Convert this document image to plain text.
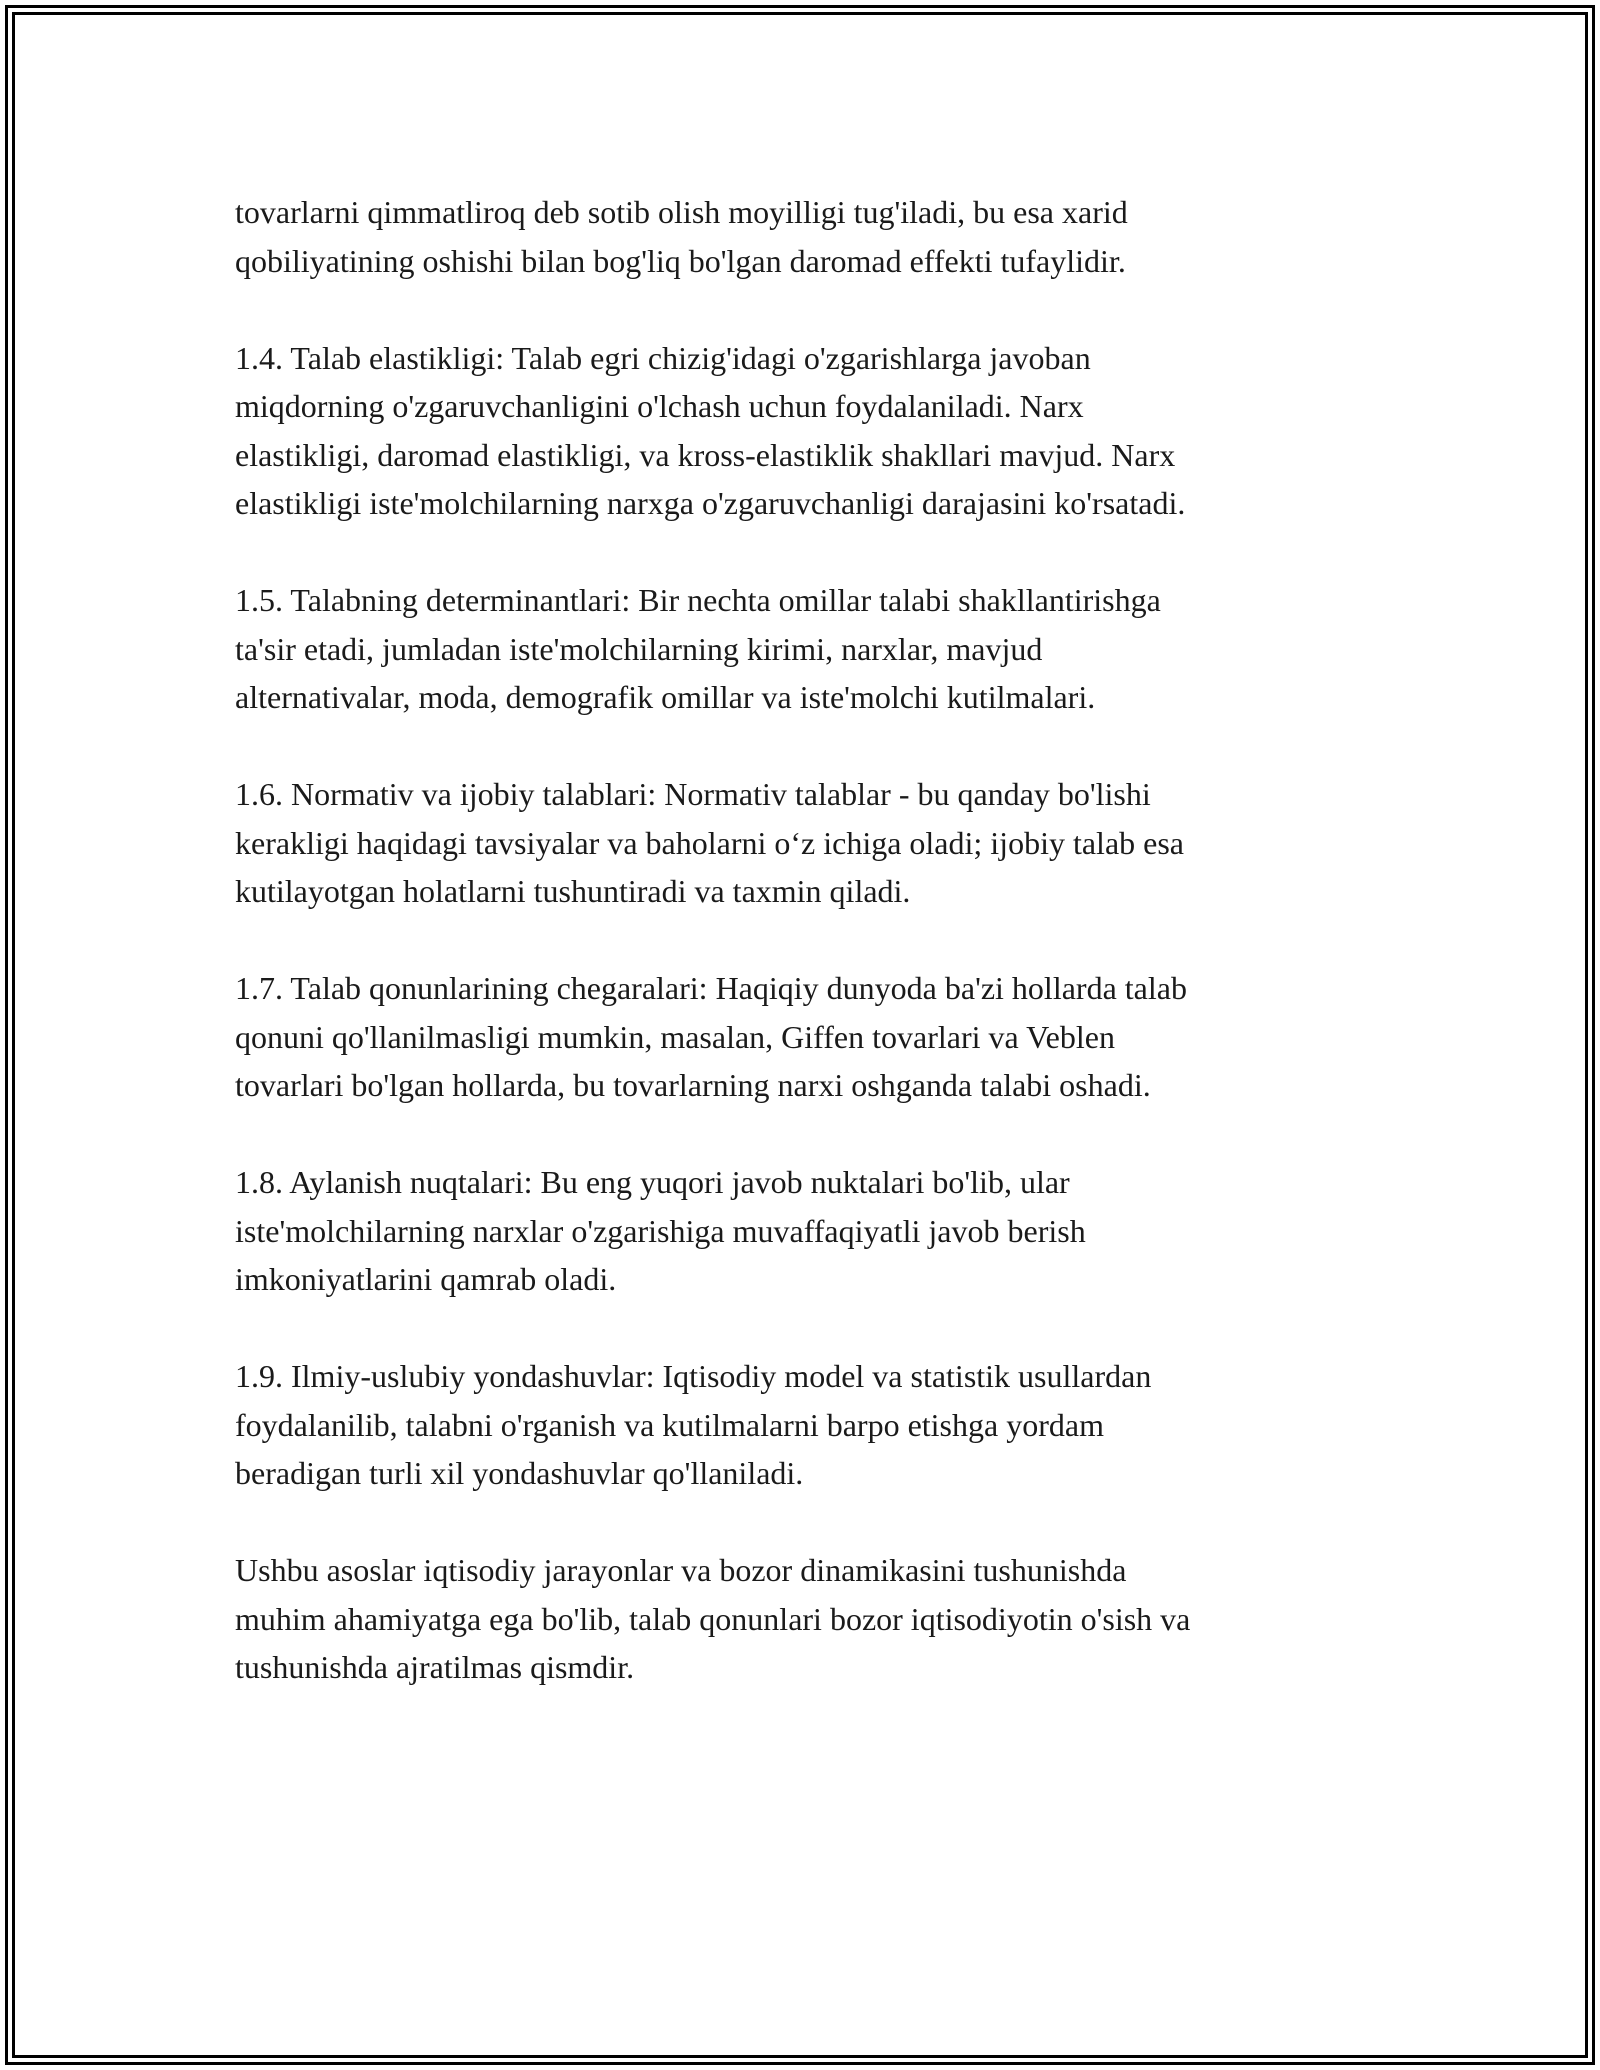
tovarlarni qimmatliroq deb sotib olish moyilligi tug'iladi, bu esa xarid
qobiliyatining oshishi bilan bog'liq bo'lgan daromad effekti tufaylidir.

1.4. Talab elastikligi: Talab egri chizig'idagi o'zgarishlarga javoban
miqdorning o'zgaruvchanligini o'lchash uchun foydalaniladi. Narx
elastikligi, daromad elastikligi, va kross-elastiklik shakllari mavjud. Narx
elastikligi iste'molchilarning narxga o'zgaruvchanligi darajasini ko'rsatadi.

1.5. Talabning determinantlari: Bir nechta omillar talabi shakllantirishga
ta'sir etadi, jumladan iste'molchilarning kirimi, narxlar, mavjud
alternativalar, moda, demografik omillar va iste'molchi kutilmalari.

1.6. Normativ va ijobiy talablari: Normativ talablar - bu qanday bo'lishi
kerakligi haqidagi tavsiyalar va baholarni o‘z ichiga oladi; ijobiy talab esa
kutilayotgan holatlarni tushuntiradi va taxmin qiladi.

1.7. Talab qonunlarining chegaralari: Haqiqiy dunyoda ba'zi hollarda talab
qonuni qo'llanilmasligi mumkin, masalan, Giffen tovarlari va Veblen
tovarlari bo'lgan hollarda, bu tovarlarning narxi oshganda talabi oshadi.

1.8. Aylanish nuqtalari: Bu eng yuqori javob nuktalari bo'lib, ular
iste'molchilarning narxlar o'zgarishiga muvaffaqiyatli javob berish
imkoniyatlarini qamrab oladi.

1.9. Ilmiy-uslubiy yondashuvlar: Iqtisodiy model va statistik usullardan
foydalanilib, talabni o'rganish va kutilmalarni barpo etishga yordam
beradigan turli xil yondashuvlar qo'llaniladi.

Ushbu asoslar iqtisodiy jarayonlar va bozor dinamikasini tushunishda
muhim ahamiyatga ega bo'lib, talab qonunlari bozor iqtisodiyotin o'sish va
tushunishda ajratilmas qismdir.
